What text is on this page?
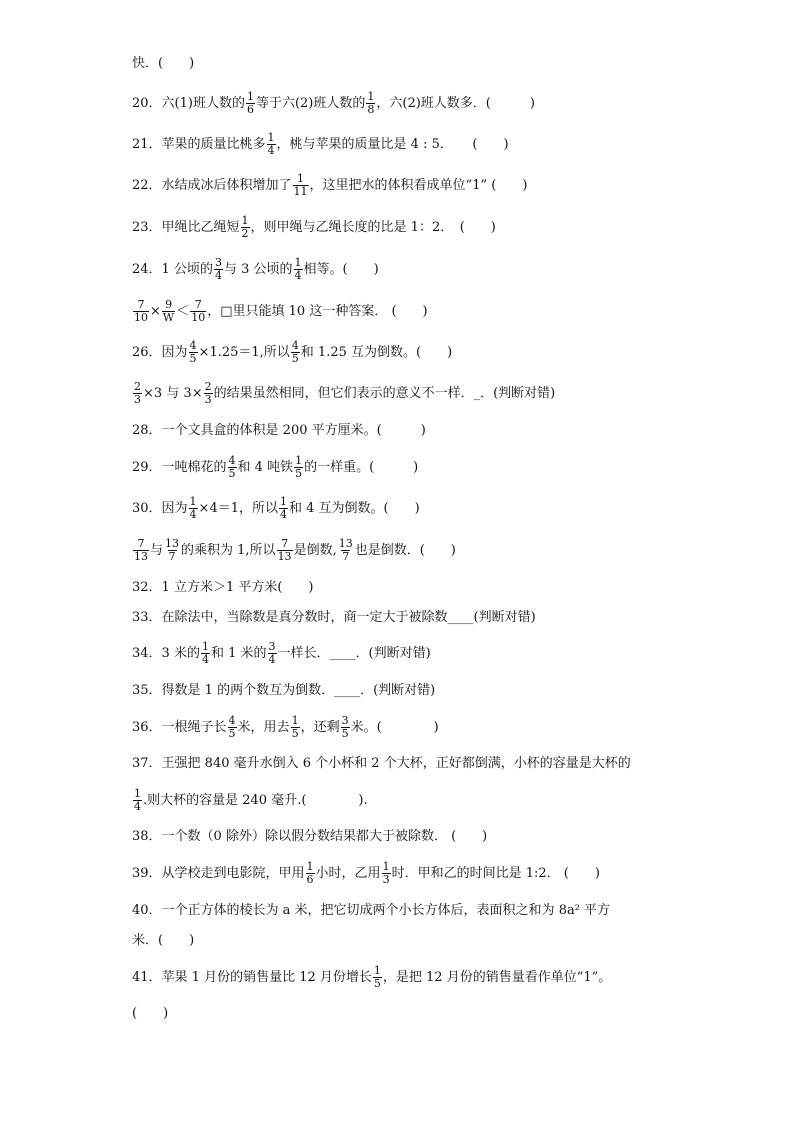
快．(　　)
20．六(1)班人数的 $\frac{1}{6}$ 等于六(2)班人数的 $\frac{1}{8}$ ，六(2)班人数多．(　　　)
21．苹果的质量比桃多 $\frac{1}{4}$ ，桃与苹果的质量比是 4 : 5．　　(　　)
22．水结成冰后体积增加了 $\frac{1}{11}$ ，这里把水的体积看成单位“1” (　　)
23．甲绳比乙绳短 $\frac{1}{2}$ ，则甲绳与乙绳长度的比是 1：2．　(　　)
24．1 公顷的 $\frac{3}{4}$ 与 3 公顷的 $\frac{1}{4}$ 相等。(　　)
$\frac{7}{10} \times \frac{9}{W} < \frac{7}{10}$ ，□里只能填 10 这一种答案． (　　)
26．因为 $\frac{4}{5} \times 1.25=1$,所以 $\frac{4}{5}$ 和 1.25 互为倒数。(　　)
$\frac{2}{3} \times 3$ 与 $3\times \frac{2}{3}$ 的结果虽然相同，但它们表示的意义不一样．_．(判断对错)
28．一个文具盒的体积是 200 平方厘米。(　　　)
29．一吨棉花的 $\frac{4}{5}$ 和 4 吨铁 $\frac{1}{5}$ 的一样重。(　　　)
30．因为 $\frac{1}{4} \times 4=1$，所以 $\frac{1}{4}$ 和 4 互为倒数。(　　)
$\frac{7}{13}$ 与 $\frac{13}{7}$ 的乘积为 1,所以 $\frac{7}{13}$ 是倒数, $\frac{13}{7}$ 也是倒数．(　　)
32．1 立方米＞1 平方米(　　)
33．在除法中，当除数是真分数时，商一定大于被除数____(判断对错)
34．3 米的 $\frac{1}{4}$ 和 1 米的 $\frac{3}{4}$ 一样长．____．(判断对错)
35．得数是 1 的两个数互为倒数．____．(判断对错)
36．一根绳子长 $\frac{4}{5}$ 米，用去 $\frac{1}{5}$ ，还剩 $\frac{3}{5}$ 米。(　　　　)
37．王强把 840 毫升水倒入 6 个小杯和 2 个大杯，正好都倒满，小杯的容量是大杯的
$\frac{1}{4}$ .则大杯的容量是 240 毫升.(　　　　).
38．一个数（0 除外）除以假分数结果都大于被除数． (　　)
39．从学校走到电影院，甲用 $\frac{1}{6}$ 小时，乙用 $\frac{1}{3}$ 时．甲和乙的时间比是 1:2． (　　)
40．一个正方体的棱长为 a 米，把它切成两个小长方体后，表面积之和为 8a² 平方
米．(　　)
41．苹果 1 月份的销售量比 12 月份增长 $\frac{1}{5}$ ，是把 12 月份的销售量看作单位“1”。
(　　)
